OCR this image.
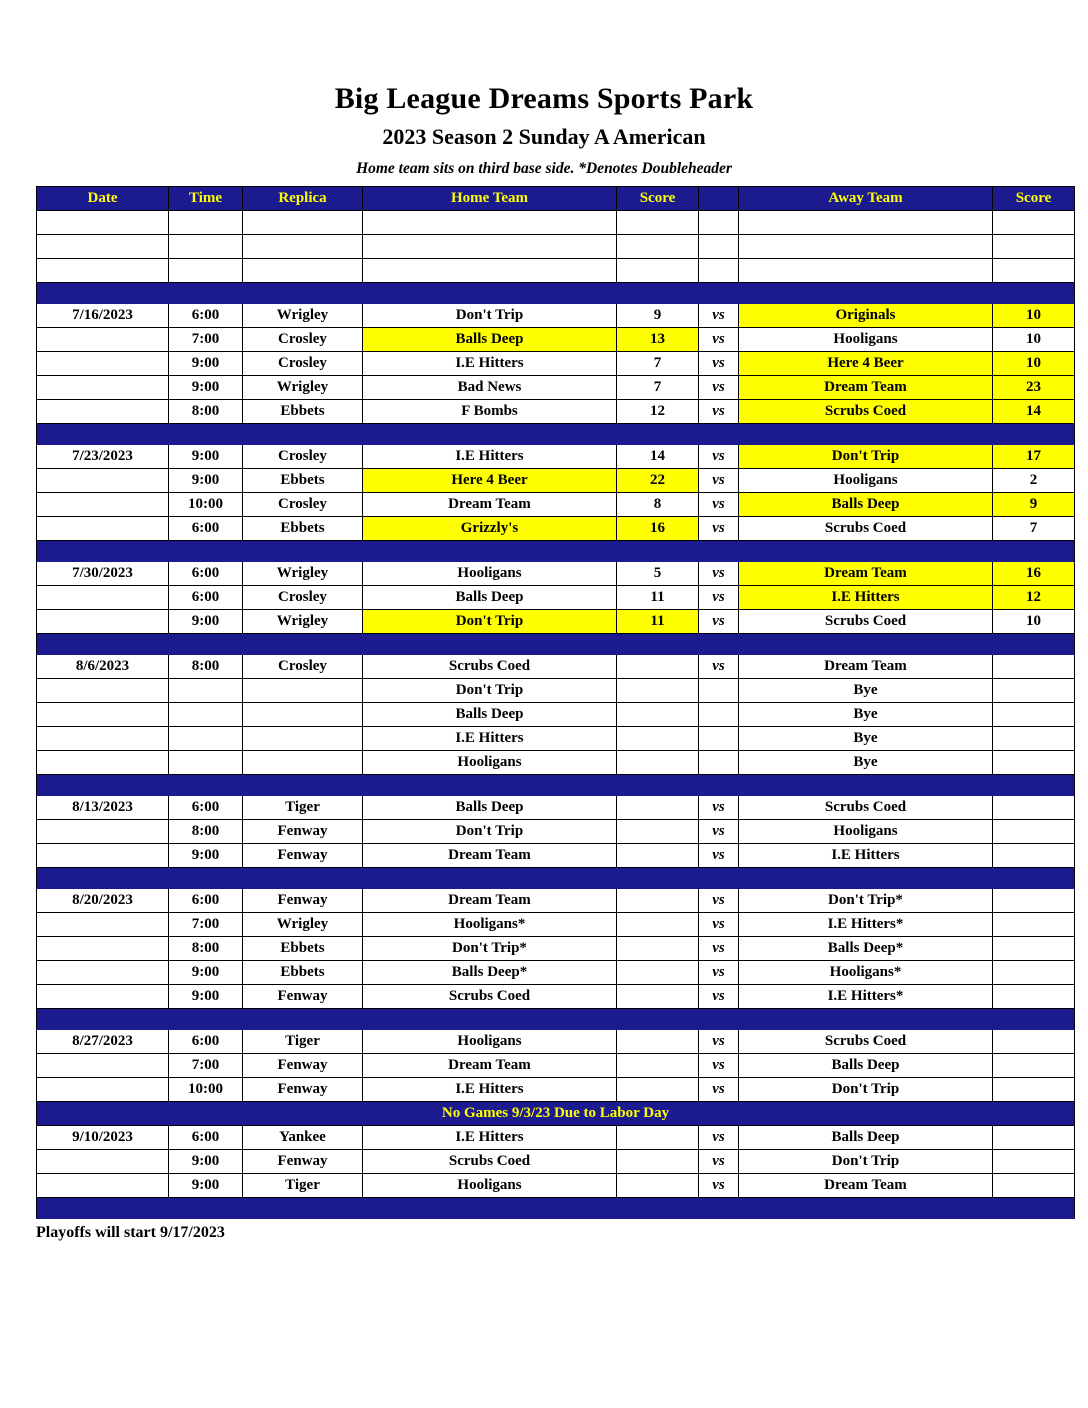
Big League Dreams Sports Park
2023 Season 2 Sunday A American
Home team sits on third base side. *Denotes Doubleheader
Date	Time	Replica	Home Team	Score		Away Team	Score

7/16/2023	6:00	Wrigley	Don't Trip	9	vs	Originals	10
	7:00	Crosley	Balls Deep	13	vs	Hooligans	10
	9:00	Crosley	I.E Hitters	7	vs	Here 4 Beer	10
	9:00	Wrigley	Bad News	7	vs	Dream Team	23
	8:00	Ebbets	F Bombs	12	vs	Scrubs Coed	14

7/23/2023	9:00	Crosley	I.E Hitters	14	vs	Don't Trip	17
	9:00	Ebbets	Here 4 Beer	22	vs	Hooligans	2
	10:00	Crosley	Dream Team	8	vs	Balls Deep	9
	6:00	Ebbets	Grizzly's	16	vs	Scrubs Coed	7

7/30/2023	6:00	Wrigley	Hooligans	5	vs	Dream Team	16
	6:00	Crosley	Balls Deep	11	vs	I.E Hitters	12
	9:00	Wrigley	Don't Trip	11	vs	Scrubs Coed	10

8/6/2023	8:00	Crosley	Scrubs Coed		vs	Dream Team	
			Don't Trip			Bye	
			Balls Deep			Bye	
			I.E Hitters			Bye	
			Hooligans			Bye	

8/13/2023	6:00	Tiger	Balls Deep		vs	Scrubs Coed	
	8:00	Fenway	Don't Trip		vs	Hooligans	
	9:00	Fenway	Dream Team		vs	I.E Hitters	

8/20/2023	6:00	Fenway	Dream Team		vs	Don't Trip*	
	7:00	Wrigley	Hooligans*		vs	I.E Hitters*	
	8:00	Ebbets	Don't Trip*		vs	Balls Deep*	
	9:00	Ebbets	Balls Deep*		vs	Hooligans*	
	9:00	Fenway	Scrubs Coed		vs	I.E Hitters*	

8/27/2023	6:00	Tiger	Hooligans		vs	Scrubs Coed	
	7:00	Fenway	Dream Team		vs	Balls Deep	
	10:00	Fenway	I.E Hitters		vs	Don't Trip	
No Games 9/3/23 Due to Labor Day							
9/10/2023	6:00	Yankee	I.E Hitters		vs	Balls Deep	
	9:00	Fenway	Scrubs Coed		vs	Don't Trip	
	9:00	Tiger	Hooligans		vs	Dream Team	

Playoffs will start 9/17/2023
